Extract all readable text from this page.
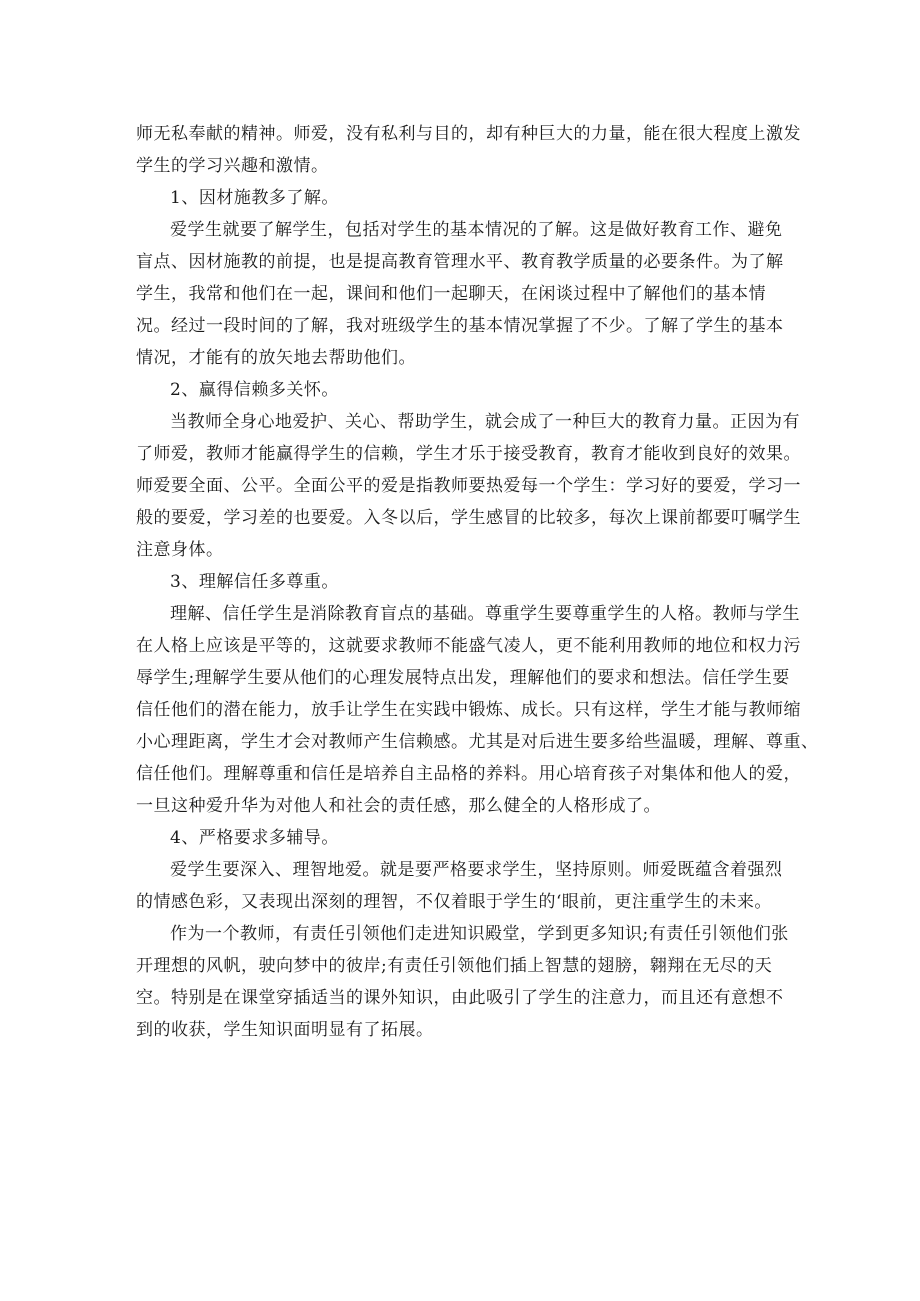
师无私奉献的精神。师爱，没有私利与目的，却有种巨大的力量，能在很大程度上激发
学生的学习兴趣和激情。
1、因材施教多了解。
爱学生就要了解学生，包括对学生的基本情况的了解。这是做好教育工作、避免
盲点、因材施教的前提，也是提高教育管理水平、教育教学质量的必要条件。为了解
学生，我常和他们在一起，课间和他们一起聊天，在闲谈过程中了解他们的基本情
况。经过一段时间的了解，我对班级学生的基本情况掌握了不少。了解了学生的基本
情况，才能有的放矢地去帮助他们。
2、赢得信赖多关怀。
当教师全身心地爱护、关心、帮助学生，就会成了一种巨大的教育力量。正因为有
了师爱，教师才能赢得学生的信赖，学生才乐于接受教育，教育才能收到良好的效果。
师爱要全面、公平。全面公平的爱是指教师要热爱每一个学生：学习好的要爱，学习一
般的要爱，学习差的也要爱。入冬以后，学生感冒的比较多，每次上课前都要叮嘱学生
注意身体。
3、理解信任多尊重。
理解、信任学生是消除教育盲点的基础。尊重学生要尊重学生的人格。教师与学生
在人格上应该是平等的，这就要求教师不能盛气凌人，更不能利用教师的地位和权力污
辱学生;理解学生要从他们的心理发展特点出发，理解他们的要求和想法。信任学生要
信任他们的潜在能力，放手让学生在实践中锻炼、成长。只有这样，学生才能与教师缩
小心理距离，学生才会对教师产生信赖感。尤其是对后进生要多给些温暖，理解、尊重、
信任他们。理解尊重和信任是培养自主品格的养料。用心培育孩子对集体和他人的爱，
一旦这种爱升华为对他人和社会的责任感，那么健全的人格形成了。
4、严格要求多辅导。
爱学生要深入、理智地爱。就是要严格要求学生，坚持原则。师爱既蕴含着强烈
的情感色彩，又表现出深刻的理智，不仅着眼于学生的‘眼前，更注重学生的未来。
作为一个教师，有责任引领他们走进知识殿堂，学到更多知识;有责任引领他们张
开理想的风帆，驶向梦中的彼岸;有责任引领他们插上智慧的翅膀，翱翔在无尽的天
空。特别是在课堂穿插适当的课外知识，由此吸引了学生的注意力，而且还有意想不
到的收获，学生知识面明显有了拓展。
